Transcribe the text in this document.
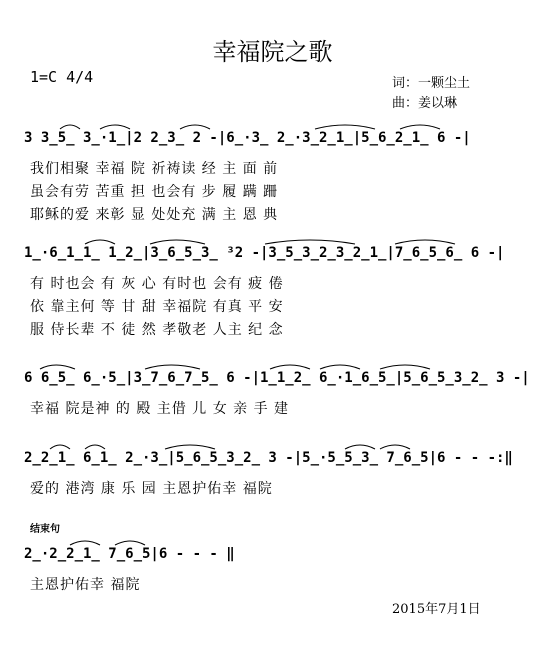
幸福院之歌
1=C 4/4	词：一颗尘土
曲：姜以琳
3 3̲5̲ 3̲·1̲|2 2̲3̲ 2 -|6̲·3̲ 2̲·3̲2̲1̲|5̲6̲2̲1̲ 6 -|
我们相聚 幸福 院 祈祷读 经 主 面 前
虽会有劳 苦重 担 也会有 步 履 蹒 跚
耶稣的爱 来彰 显 处处充 满 主 恩 典
1̲·6̲1̲1̲ 1̲2̲|3̲6̲5̲3̲ ³2 -|3̲5̲3̲2̲3̲2̲1̲|7̲6̲5̲6̲ 6 -|
有 时也会 有 灰 心 有时也 会有 疲 倦
依 靠主何 等 甘 甜 幸福院 有真 平 安
服 侍长辈 不 徒 然 孝敬老 人主 纪 念
6 6̲5̲ 6̲·5̲|3̲7̲6̲7̲5̲ 6 -|1̲1̲2̲ 6̲·1̲6̲5̲|5̲6̲5̲3̲2̲ 3 -|
幸福 院是神 的 殿 主借 儿 女 亲 手 建
2̲2̲1̲ 6̲1̲ 2̲·3̲|5̲6̲5̲3̲2̲ 3 -|5̲·5̲5̲3̲ 7̲6̲5|6 - - -:‖
爱的 港湾 康 乐 园 主恩护佑幸 福院
结束句
2̲·2̲2̲1̲ 7̲6̲5|6 - - - ‖
主恩护佑幸 福院
2015年7月1日
